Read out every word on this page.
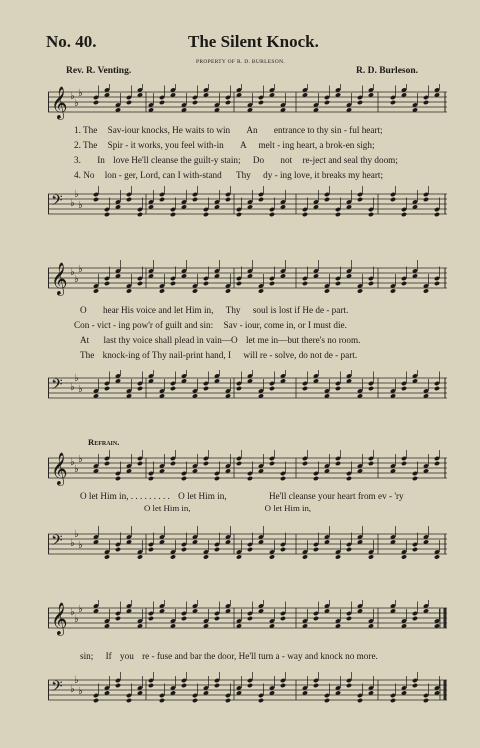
No. 40.	The Silent Knock.
PROPERTY OF R. D. BURLESON.
Rev. R. Venting.	R. D. Burleson.
𝄞 ♭
♭
♭
1. The Sav-iour knocks, He waits to win An entrance to thy sin - ful heart;
2. The Spir - it works, you feel with-in A melt - ing heart, a brok-en sigh;
3. In love He'll cleanse the guilt-y stain; Do not re-ject and seal thy doom;
4. No lon - ger, Lord, can I with-stand Thy dy - ing love, it breaks my heart;
𝄢 ♭
♭
♭
𝄞 ♭
♭
♭
O hear His voice and let Him in, Thy soul is lost if He de - part.
Con - vict - ing pow'r of guilt and sin: Sav - iour, come in, or I must die.
At last thy voice shall plead in vain—O let me in—but there's no room.
The knock-ing of Thy nail-print hand, I will re - solve, do not de - part.
𝄢 ♭
♭
♭
Refrain.
𝄞 ♭
♭
♭
O let Him in, . . . . . . . . . O let Him in,	He'll cleanse your heart from ev - 'ry
O let Him in,	O let Him in,
𝄢 ♭
♭
♭
𝄞 ♭
♭
♭
sin; If you re - fuse and bar the door, He'll turn a - way and knock no more.
𝄢 ♭
♭
♭
